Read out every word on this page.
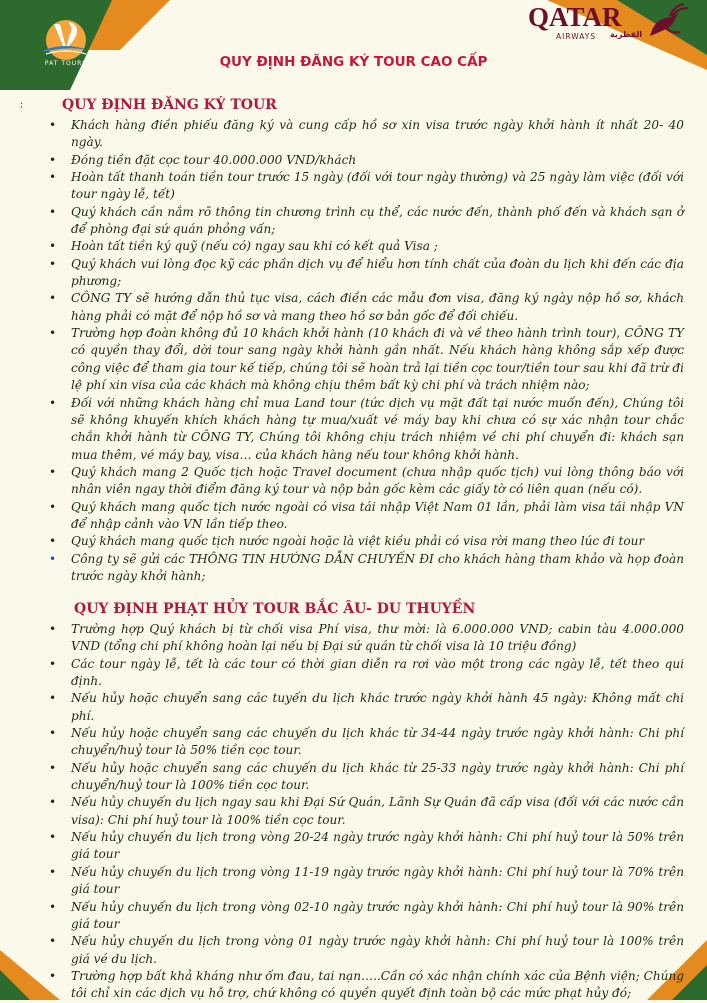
PAT TOURS
QATAR
AIRWAYS القطرية
QUY ĐỊNH ĐĂNG KÝ TOUR CAO CẤP
;	QUY ĐỊNH ĐĂNG KÝ TOUR
• Khách hàng điền phiếu đăng ký và cung cấp hồ sơ xin visa trước ngày khởi hành ít nhất 20- 40 ngày.
• Đóng tiền đặt cọc tour 40.000.000 VND/khách
• Hoàn tất thanh toán tiền tour trước 15 ngày (đối với tour ngày thường) và 25 ngày làm việc (đối với tour ngày lễ, tết)
• Quý khách cần nắm rõ thông tin chương trình cụ thể, các nước đến, thành phố đến và khách sạn ở để phòng đại sứ quán phỏng vấn;
• Hoàn tất tiền ký quỹ (nếu có) ngay sau khi có kết quả Visa ;
• Quý khách vui lòng đọc kỹ các phần dịch vụ để hiểu hơn tính chất của đoàn du lịch khi đến các địa phương;
• CÔNG TY sẽ hướng dẫn thủ tục visa, cách điền các mẫu đơn visa, đăng ký ngày nộp hồ sơ, khách hàng phải có mặt để nộp hồ sơ và mang theo hồ sơ bản gốc để đối chiếu.
• Trường hợp đoàn không đủ 10 khách khởi hành (10 khách đi và về theo hành trình tour), CÔNG TY có quyền thay đổi, dời tour sang ngày khởi hành gần nhất. Nếu khách hàng không sắp xếp được công việc để tham gia tour kế tiếp, chúng tôi sẽ hoàn trả lại tiền cọc tour/tiền tour sau khi đã trừ đi lệ phí xin visa của các khách mà không chịu thêm bất kỳ chi phí và trách nhiệm nào;
• Đối với những khách hàng chỉ mua Land tour (tức dịch vụ mặt đất tại nước muốn đến), Chúng tôi sẽ không khuyến khích khách hàng tự mua/xuất vé máy bay khi chưa có sự xác nhận tour chắc chắn khởi hành từ CÔNG TY, Chúng tôi không chịu trách nhiệm về chi phí chuyển đi: khách sạn mua thêm, vé máy bay, visa… của khách hàng nếu tour không khởi hành.
• Quý khách mang 2 Quốc tịch hoặc Travel document (chưa nhập quốc tịch) vui lòng thông báo với nhân viên ngay thời điểm đăng ký tour và nộp bản gốc kèm các giấy tờ có liên quan (nếu có).
• Quý khách mang quốc tịch nước ngoài có visa tái nhập Việt Nam 01 lần, phải làm visa tái nhập VN để nhập cảnh vào VN lần tiếp theo.
• Quý khách mang quốc tịch nước ngoài hoặc là việt kiều phải có visa rời mang theo lúc đi tour
• Công ty sẽ gửi các THÔNG TIN HƯỚNG DẪN CHUYẾN ĐI cho khách hàng tham khảo và họp đoàn trước ngày khởi hành;
QUY ĐỊNH PHẠT HỦY TOUR BẮC ÂU- DU THUYỀN
• Trường hợp Quý khách bị từ chối visa Phí visa, thư mời: là 6.000.000 VND; cabin tàu 4.000.000 VND (tổng chi phí không hoàn lại nếu bị Đại sứ quán từ chối visa là 10 triệu đồng)
• Các tour ngày lễ, tết là các tour có thời gian diễn ra rơi vào một trong các ngày lễ, tết theo qui định.
• Nếu hủy hoặc chuyển sang các tuyến du lịch khác trước ngày khởi hành 45 ngày: Không mất chi phí.
• Nếu hủy hoặc chuyển sang các chuyến du lịch khác từ 34-44 ngày trước ngày khởi hành: Chi phí chuyển/huỷ tour là 50% tiền cọc tour.
• Nếu hủy hoặc chuyển sang các chuyến du lịch khác từ 25-33 ngày trước ngày khởi hành: Chi phí chuyển/huỷ tour là 100% tiền cọc tour.
• Nếu hủy chuyến du lịch ngay sau khi Đại Sứ Quán, Lãnh Sự Quán đã cấp visa (đối với các nước cần visa): Chi phí huỷ tour là 100% tiền cọc tour.
• Nếu hủy chuyến du lịch trong vòng 20-24 ngày trước ngày khởi hành: Chi phí huỷ tour là 50% trên giá tour
• Nếu hủy chuyến du lịch trong vòng 11-19 ngày trước ngày khởi hành: Chi phí huỷ tour là 70% trên giá tour
• Nếu hủy chuyến du lịch trong vòng 02-10 ngày trước ngày khởi hành: Chi phí huỷ tour là 90% trên giá tour
• Nếu hủy chuyến du lịch trong vòng 01 ngày trước ngày khởi hành: Chi phí huỷ tour là 100% trên giá vé du lịch.
• Trường hợp bất khả kháng như ốm đau, tai nạn…..Cần có xác nhận chính xác của Bệnh viện; Chúng tôi chỉ xin các dịch vụ hỗ trợ, chứ không có quyền quyết định toàn bộ các mức phạt hủy đó;
